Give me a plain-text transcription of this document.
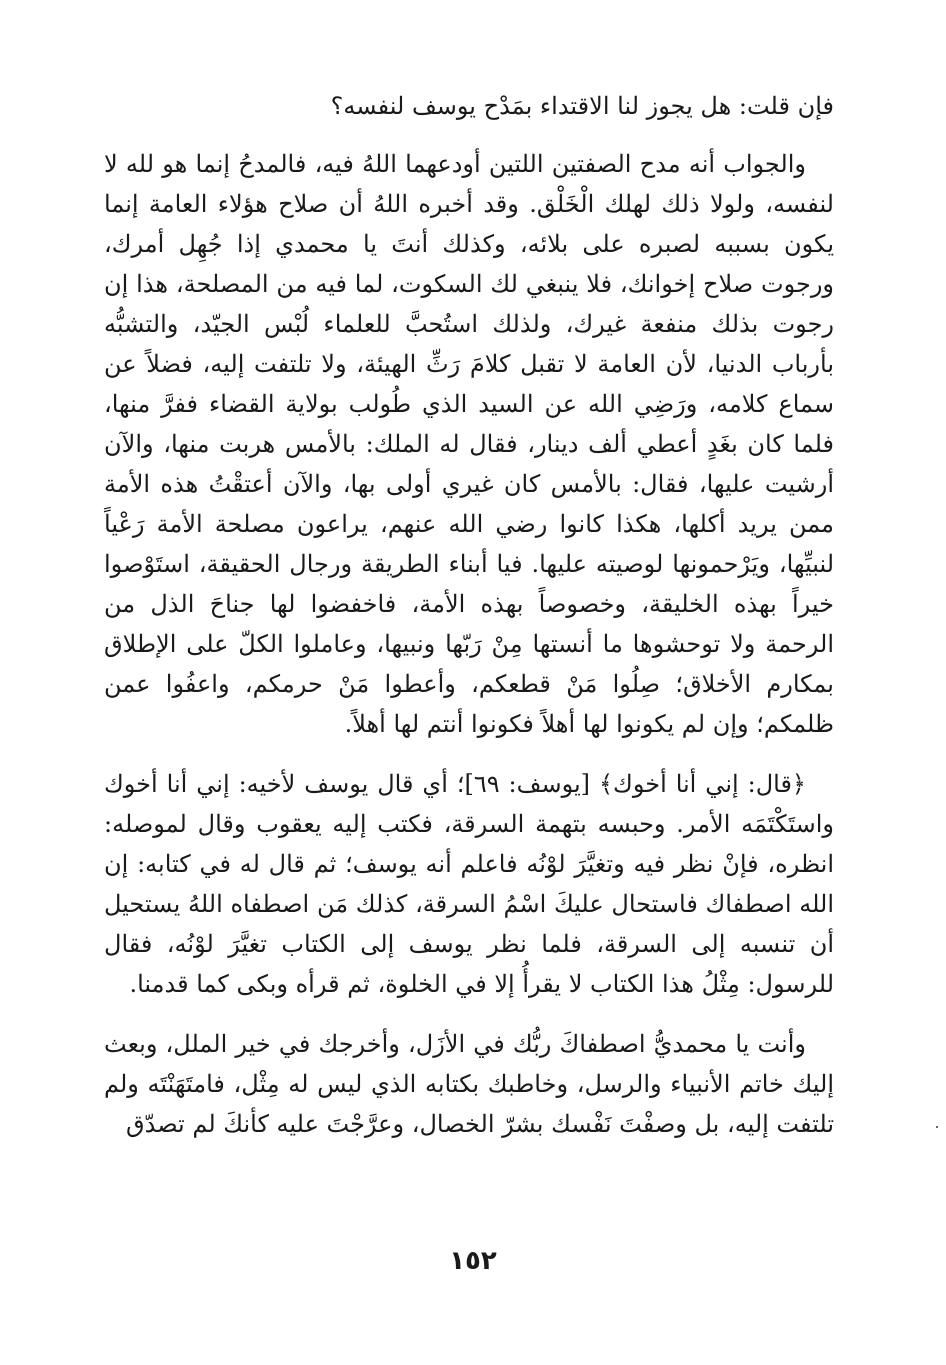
فإن قلت: هل يجوز لنا الاقتداء بمَدْح يوسف لنفسه؟

والجواب أنه مدح الصفتين اللتين أودعهما اللهُ فيه، فالمدحُ إنما هو لله لا لنفسه، ولولا ذلك لهلك الْخَلْق. وقد أخبره اللهُ أن صلاح هؤلاء العامة إنما يكون بسببه لصبره على بلائه، وكذلك أنتَ يا محمدي إذا جُهِل أمرك، ورجوت صلاح إخوانك، فلا ينبغي لك السكوت، لما فيه من المصلحة، هذا إن رجوت بذلك منفعة غيرك، ولذلك استُحبَّ للعلماء لُبْس الجيّد، والتشبُّه بأرباب الدنيا، لأن العامة لا تقبل كلامَ رَثِّ الهيئة، ولا تلتفت إليه، فضلاً عن سماع كلامه، ورَضِي الله عن السيد الذي طُولب بولاية القضاء ففرَّ منها، فلما كان بغَدٍ أعطي ألف دينار، فقال له الملك: بالأمس هربت منها، والآن أرشيت عليها، فقال: بالأمس كان غيري أولى بها، والآن أعتقْتُ هذه الأمة ممن يريد أكلها، هكذا كانوا رضي الله عنهم، يراعون مصلحة الأمة رَعْياً لنبيِّها، ويَرْحمونها لوصيته عليها. فيا أبناء الطريقة ورجال الحقيقة، استَوْصوا خيراً بهذه الخليقة، وخصوصاً بهذه الأمة، فاخفضوا لها جناحَ الذل من الرحمة ولا توحشوها ما أنستها مِنْ رَبّها ونبيها، وعاملوا الكلّ على الإطلاق بمكارم الأخلاق؛ صِلُوا مَنْ قطعكم، وأعطوا مَنْ حرمكم، واعفُوا عمن ظلمكم؛ وإن لم يكونوا لها أهلاً فكونوا أنتم لها أهلاً.

﴿قال: إني أنا أخوك﴾ [يوسف: ٦٩]؛ أي قال يوسف لأخيه: إني أنا أخوك واستَكْتَمَه الأمر. وحبسه بتهمة السرقة، فكتب إليه يعقوب وقال لموصله: انظره، فإنْ نظر فيه وتغيَّرَ لوْنُه فاعلم أنه يوسف؛ ثم قال له في كتابه: إن الله اصطفاك فاستحال عليكَ اسْمُ السرقة، كذلك مَن اصطفاه اللهُ يستحيل أن تنسبه إلى السرقة، فلما نظر يوسف إلى الكتاب تغيَّرَ لوْنُه، فقال للرسول: مِثْلُ هذا الكتاب لا يقرأُ إلا في الخلوة، ثم قرأه وبكى كما قدمنا.

وأنت يا محمديُّ اصطفاكَ ربُّك في الأزَل، وأخرجك في خير الملل، وبعث إليك خاتم الأنبياء والرسل، وخاطبك بكتابه الذي ليس له مِثْل، فامتَهَنْتَه ولم تلتفت إليه، بل وصفْتَ نَفْسك بشرّ الخصال، وعرَّجْتَ عليه كأنكَ لم تصدّق

١٥٢
